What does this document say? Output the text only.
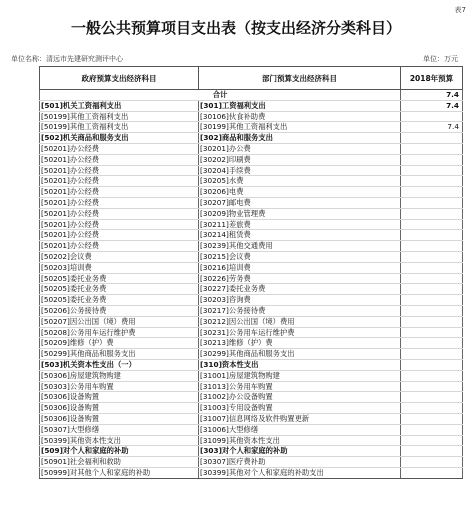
表7
一般公共预算项目支出表（按支出经济分类科目）
单位名称：清远市先建研究测评中心	单位：万元
政府预算支出经济科目	部门预算支出经济科目	2018年预算
合计		7.4
[501]机关工资福利支出	[301]工资福利支出	7.4
[50199]其他工资福利支出	[30106]伙食补助费	
[50199]其他工资福利支出	[30199]其他工资福利支出	7.4
[502]机关商品和服务支出	[302]商品和服务支出	
[50201]办公经费	[30201]办公费	
[50201]办公经费	[30202]印刷费	
[50201]办公经费	[30204]手续费	
[50201]办公经费	[30205]水费	
[50201]办公经费	[30206]电费	
[50201]办公经费	[30207]邮电费	
[50201]办公经费	[30209]物业管理费	
[50201]办公经费	[30211]差旅费	
[50201]办公经费	[30214]租赁费	
[50201]办公经费	[30239]其他交通费用	
[50202]会议费	[30215]会议费	
[50203]培训费	[30216]培训费	
[50205]委托业务费	[30226]劳务费	
[50205]委托业务费	[30227]委托业务费	
[50205]委托业务费	[30203]咨询费	
[50206]公务接待费	[30217]公务接待费	
[50207]因公出国（境）费用	[30212]因公出国（境）费用	
[50208]公务用车运行维护费	[30231]公务用车运行维护费	
[50209]维修（护）费	[30213]维修（护）费	
[50299]其他商品和服务支出	[30299]其他商品和服务支出	
[503]机关资本性支出（一）	[310]资本性支出	
[50306]房屋建筑物购建	[31001]房屋建筑物购建	
[50303]公务用车购置	[31013]公务用车购置	
[50306]设备购置	[31002]办公设备购置	
[50306]设备购置	[31003]专用设备购置	
[50306]设备购置	[31007]信息网络及软件购置更新	
[50307]大型修缮	[31006]大型修缮	
[50399]其他资本性支出	[31099]其他资本性支出	
[509]对个人和家庭的补助	[303]对个人和家庭的补助	
[50901]社会福利和救助	[30307]医疗费补助	
[50999]对其他个人和家庭的补助	[30399]其他对个人和家庭的补助支出	
